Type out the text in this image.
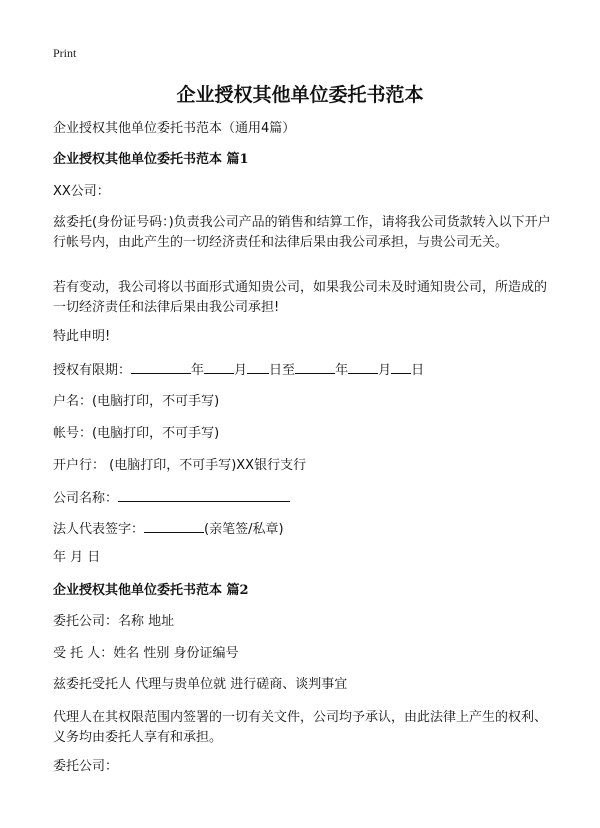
Print
企业授权其他单位委托书范本
企业授权其他单位委托书范本（通用4篇）
企业授权其他单位委托书范本 篇1
XX公司：
兹委托(身份证号码：)负责我公司产品的销售和结算工作，请将我公司货款转入以下开户行帐号内，由此产生的一切经济责任和法律后果由我公司承担，与贵公司无关。
若有变动，我公司将以书面形式通知贵公司，如果我公司未及时通知贵公司，所造成的一切经济责任和法律后果由我公司承担!
特此申明!
授权有限期：	年 月 日至	年 月 日
户名：(电脑打印，不可手写)
帐号：(电脑打印，不可手写)
开户行： (电脑打印，不可手写)XX银行支行
公司名称：
法人代表签字：	(亲笔签/私章)
年 月 日
企业授权其他单位委托书范本 篇2
委托公司：名称 地址
受 托 人：姓名 性别 身份证编号
兹委托受托人 代理与贵单位就 进行磋商、谈判事宜
代理人在其权限范围内签署的一切有关文件，公司均予承认，由此法律上产生的权利、义务均由委托人享有和承担。
委托公司：
